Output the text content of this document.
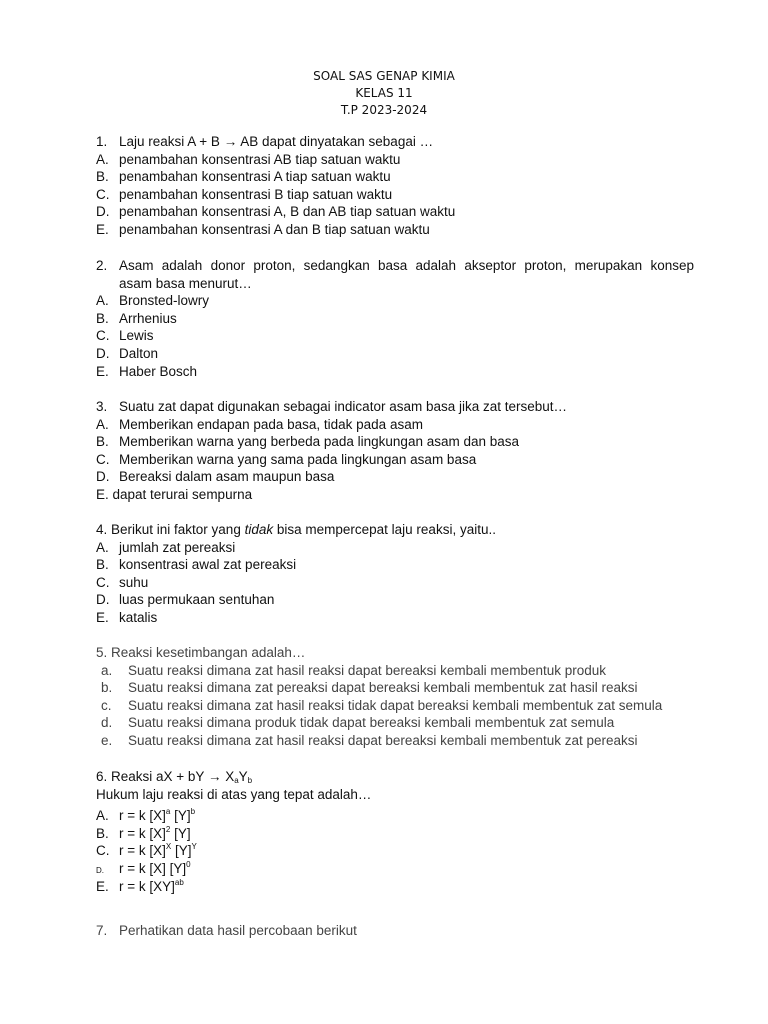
SOAL SAS GENAP KIMIA
KELAS 11
T.P 2023-2024
1. Laju reaksi A + B → AB dapat dinyatakan sebagai …
A. penambahan konsentrasi AB tiap satuan waktu
B. penambahan konsentrasi A tiap satuan waktu
C. penambahan konsentrasi B tiap satuan waktu
D. penambahan konsentrasi A, B dan AB tiap satuan waktu
E. penambahan konsentrasi A dan B tiap satuan waktu
2. Asam adalah donor proton, sedangkan basa adalah akseptor proton, merupakan konsep
asam basa menurut…
A. Bronsted-lowry
B. Arrhenius
C. Lewis
D. Dalton
E. Haber Bosch
3. Suatu zat dapat digunakan sebagai indicator asam basa jika zat tersebut…
A. Memberikan endapan pada basa, tidak pada asam
B. Memberikan warna yang berbeda pada lingkungan asam dan basa
C. Memberikan warna yang sama pada lingkungan asam basa
D. Bereaksi dalam asam maupun basa
E. dapat terurai sempurna
4. Berikut ini faktor yang tidak bisa mempercepat laju reaksi, yaitu..
A. jumlah zat pereaksi
B. konsentrasi awal zat pereaksi
C. suhu
D. luas permukaan sentuhan
E. katalis
5. Reaksi kesetimbangan adalah…
a. Suatu reaksi dimana zat hasil reaksi dapat bereaksi kembali membentuk produk
b. Suatu reaksi dimana zat pereaksi dapat bereaksi kembali membentuk zat hasil reaksi
c. Suatu reaksi dimana zat hasil reaksi tidak dapat bereaksi kembali membentuk zat semula
d. Suatu reaksi dimana produk tidak dapat bereaksi kembali membentuk zat semula
e. Suatu reaksi dimana zat hasil reaksi dapat bereaksi kembali membentuk zat pereaksi
6. Reaksi aX + bY → $X_aY_b$
Hukum laju reaksi di atas yang tepat adalah…
A. r = k $[X]^a$ $[Y]^b$
B. r = k $[X]^2$ [Y]
C. r = k $[X]^X$ $[Y]^Y$
D. r = k [X] $[Y]^0$
E. r = k [XY]$^{ab}$
7. Perhatikan data hasil percobaan berikut
